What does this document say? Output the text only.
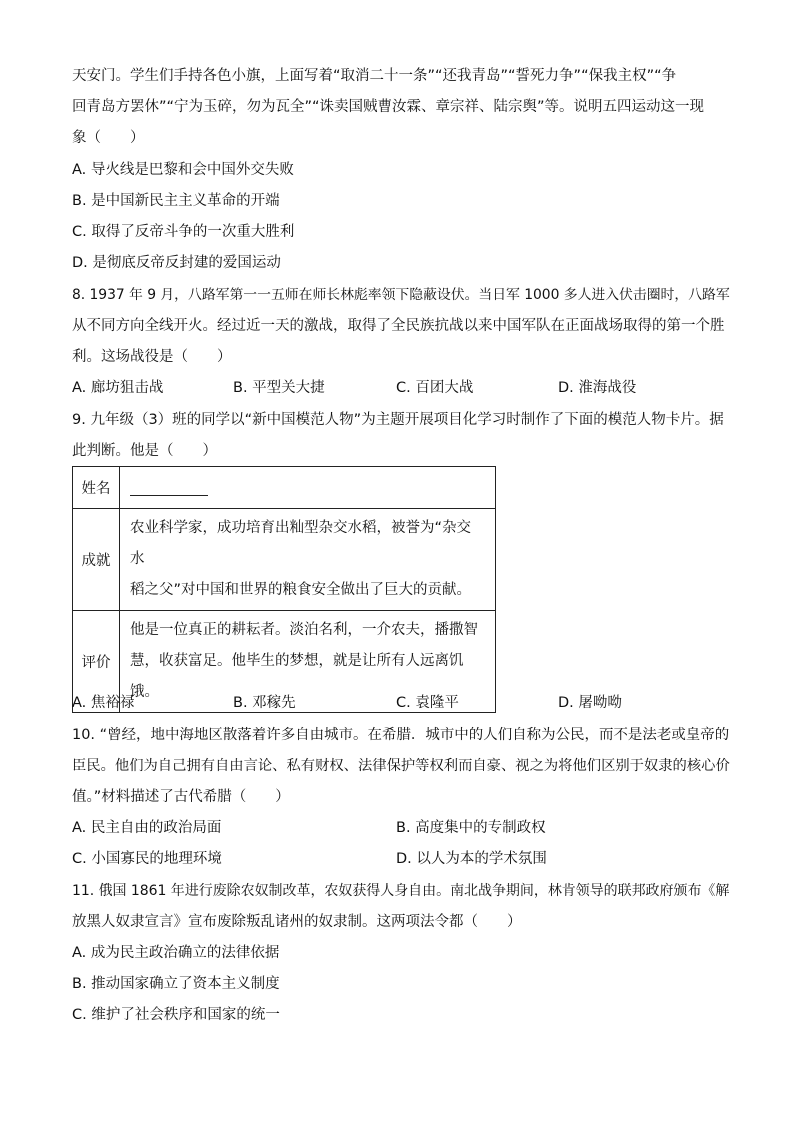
天安门。学生们手持各色小旗，上面写着“取消二十一条”“还我青岛”“誓死力争”“保我主权”“争
回青岛方罢休”“宁为玉碎，勿为瓦全”“诛卖国贼曹汝霖、章宗祥、陆宗舆”等。说明五四运动这一现
象（　　）
A. 导火线是巴黎和会中国外交失败
B. 是中国新民主主义革命的开端
C. 取得了反帝斗争的一次重大胜利
D. 是彻底反帝反封建的爱国运动
8. 1937 年 9 月，八路军第一一五师在师长林彪率领下隐蔽设伏。当日军 1000 多人进入伏击圈时，八路军
从不同方向全线开火。经过近一天的激战，取得了全民族抗战以来中国军队在正面战场取得的第一个胜
利。这场战役是（　　）
A. 廊坊狙击战	B. 平型关大捷	C. 百团大战	D. 淮海战役
9. 九年级（3）班的同学以“新中国模范人物”为主题开展项目化学习时制作了下面的模范人物卡片。据
此判断。他是（　　）
姓名	
成就	农业科学家，成功培育出籼型杂交水稻，被誉为“杂交水
稻之父”对中国和世界的粮食安全做出了巨大的贡献。

评价	他是一位真正的耕耘者。淡泊名利，一介农夫，播撒智
慧，收获富足。他毕生的梦想，就是让所有人远离饥饿。
A. 焦裕禄	B. 邓稼先	C. 袁隆平	D. 屠呦呦
10. “曾经，地中海地区散落着许多自由城市。在希腊．城市中的人们自称为公民，而不是法老或皇帝的
臣民。他们为自己拥有自由言论、私有财权、法律保护等权利而自豪、视之为将他们区别于奴隶的核心价
值。”材料描述了古代希腊（　　）
A. 民主自由的政治局面	B. 高度集中的专制政权
C. 小国寡民的地理环境	D. 以人为本的学术氛围
11. 俄国 1861 年进行废除农奴制改革，农奴获得人身自由。南北战争期间，林肯领导的联邦政府颁布《解
放黑人奴隶宣言》宣布废除叛乱诸州的奴隶制。这两项法令都（　　）
A. 成为民主政治确立的法律依据
B. 推动国家确立了资本主义制度
C. 维护了社会秩序和国家的统一
